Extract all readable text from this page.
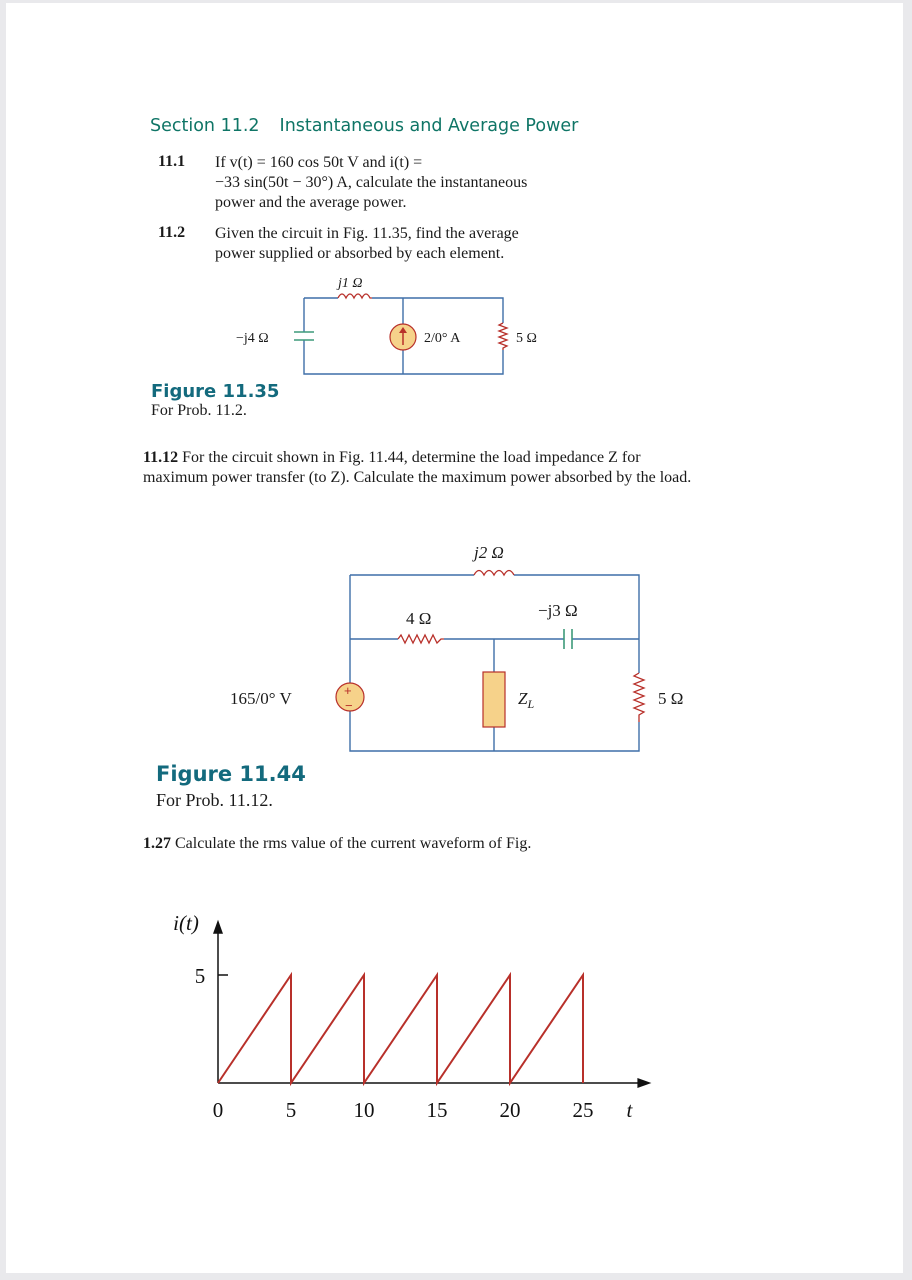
Section 11.2 Instantaneous and Average Power
11.1 If v(t) = 160 cos 50t V and i(t) =
−33 sin(50t − 30°) A, calculate the instantaneous
power and the average power.
11.2 Given the circuit in Fig. 11.35, find the average
power supplied or absorbed by each element.
j1 Ω
−j4 Ω	2/0° A	5 Ω
Figure 11.35
For Prob. 11.2.
11.12 For the circuit shown in Fig. 11.44, determine the load impedance Z for
maximum power transfer (to Z). Calculate the maximum power absorbed by the load.
+
−
j2 Ω
4 Ω	−j3 Ω
165/0° V	$Z_L$	5 Ω
Figure 11.44
For Prob. 11.12.
1.27 Calculate the rms value of the current waveform of Fig.
0	5	10 15 20 25
5
i(t)
t
